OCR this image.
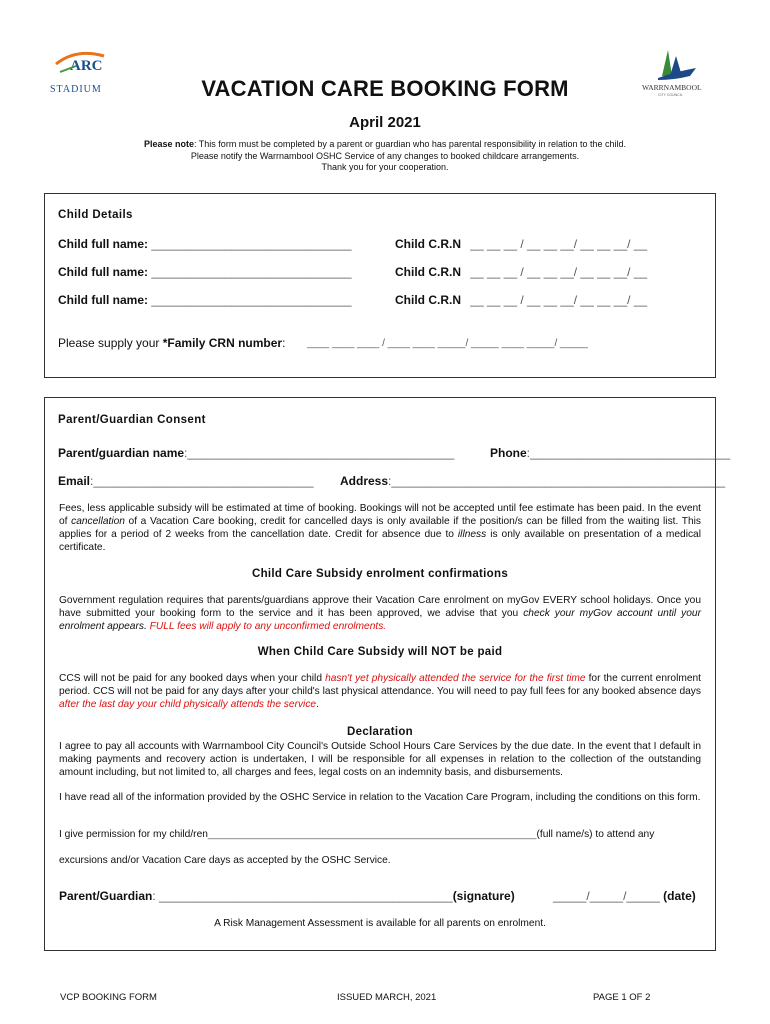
ARC
STADIUM	WARRNAMBOOL
CITY COUNCIL
VACATION CARE BOOKING FORM
April 2021
Please note: This form must be completed by a parent or guardian who has parental responsibility in relation to the child.
Please notify the Warrnambool OSHC Service of any changes to booked childcare arrangements.
Thank you for your cooperation.
Child Details
Child full name: ______________________________	Child C.R.N __ __ __ / __ __ __/ __ __ __/ __
Child full name: ______________________________	Child C.R.N __ __ __ / __ __ __/ __ __ __/ __
Child full name: ______________________________	Child C.R.N __ __ __ / __ __ __/ __ __ __/ __
Please supply your *Family CRN number: ____ ____ ____ / ____ ____ _____/ _____ ____ _____/ _____
Parent/Guardian Consent
Parent/guardian name:________________________________________	Phone:______________________________
Email:_________________________________ Address:__________________________________________________
Fees, less applicable subsidy will be estimated at time of booking. Bookings will not be accepted until fee estimate has been paid. In the event of cancellation of a Vacation Care booking, credit for cancelled days is only available if the position/s can be filled from the waiting list. This applies for a period of 2 weeks from the cancellation date. Credit for absence due to illness is only available on presentation of a medical certificate.
Child Care Subsidy enrolment confirmations
Government regulation requires that parents/guardians approve their Vacation Care enrolment on myGov EVERY school holidays. Once you have submitted your booking form to the service and it has been approved, we advise that you check your myGov account until your enrolment appears. FULL fees will apply to any unconfirmed enrolments.
When Child Care Subsidy will NOT be paid
CCS will not be paid for any booked days when your child hasn't yet physically attended the service for the first time for the current enrolment period. CCS will not be paid for any days after your child's last physical attendance. You will need to pay full fees for any booked absence days after the last day your child physically attends the service.
Declaration
I agree to pay all accounts with Warrnambool City Council's Outside School Hours Care Services by the due date. In the event that I default in making payments and recovery action is undertaken, I will be responsible for all expenses in relation to the collection of the outstanding amount including, but not limited to, all charges and fees, legal costs on an indemnity basis, and disbursements.
I have read all of the information provided by the OSHC Service in relation to the Vacation Care Program, including the conditions on this form.
I give permission for my child/ren__________________________________________________________(full name/s) to attend any
excursions and/or Vacation Care days as accepted by the OSHC Service.
Parent/Guardian: ____________________________________________(signature)	_____/_____/_____ (date)
A Risk Management Assessment is available for all parents on enrolment.
VCP BOOKING FORM	ISSUED MARCH, 2021	PAGE 1 OF 2
